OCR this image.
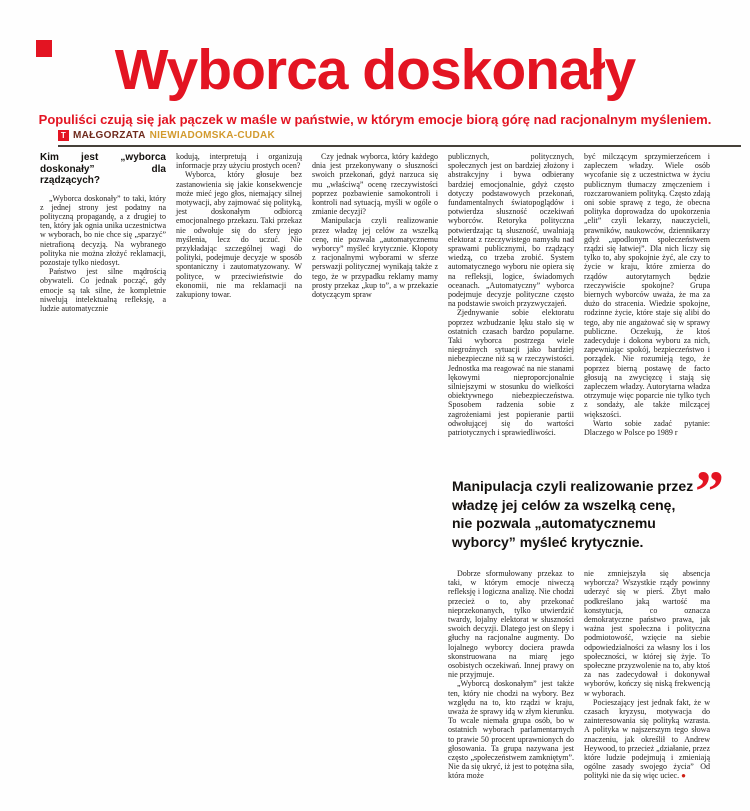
Wyborca doskonały

Populiści czują się jak pączek w maśle w państwie, w którym emocje biorą górę nad racjonalnym myśleniem.

T MAŁGORZATA NIEWIADOMSKA-CUDAK
Kim jest „wyborca doskonały” dla rządzących?

„Wyborca doskonały” to taki, który z jednej strony jest podatny na polityczną propagandę, a z drugiej to ten, który jak ognia unika uczestnictwa w wyborach, bo nie chce się „sparzyć” nietrafioną decyzją. Na wybranego polityka nie można złożyć reklamacji, pozostaje tylko niedosyt.

Państwo jest silne mądrością obywateli. Co jednak począć, gdy emocje są tak silne, że kompletnie niwelują intelektualną refleksję, a ludzie automatycznie

kodują, interpretują i organizują informacje przy użyciu prostych ocen?

Wyborca, który głosuje bez zastanowienia się jakie konsekwencje może mieć jego głos, niemający silnej motywacji, aby zajmować się polityką, jest doskonałym odbiorcą emocjonalnego przekazu. Taki przekaz nie odwołuje się do sfery jego myślenia, lecz do uczuć. Nie przykładając szczególnej wagi do polityki, podejmuje decyzje w sposób spontaniczny i zautomatyzowany. W polityce, w przeciwieństwie do ekonomii, nie ma reklamacji na zakupiony towar.

Czy jednak wyborca, który każdego dnia jest przekonywany o słuszności swoich przekonań, gdyż narzuca się mu „właściwą” ocenę rzeczywistości poprzez pozbawienie samokontroli i kontroli nad sytuacją, myśli w ogóle o zmianie decyzji?

Manipulacja czyli realizowanie przez władzę jej celów za wszelką cenę, nie pozwala „automatycznemu wyborcy” myśleć krytycznie. Kłopoty z racjonalnymi wyborami w sferze perswazji politycznej wynikają także z tego, że w przypadku reklamy mamy prosty przekaz „kup to”, a w przekazie dotyczącym spraw

publicznych, politycznych, społecznych jest on bardziej złożony i abstrakcyjny i bywa odbierany bardziej emocjonalnie, gdyż często dotyczy podstawowych przekonań, fundamentalnych światopoglądów i potwierdza słuszność oczekiwań wyborców. Retoryka polityczna potwierdzając tą słuszność, uwalniają elektorat z rzeczywistego namysłu nad sprawami publicznymi, bo rządzący wiedzą, co trzeba zrobić. System automatycznego wyboru nie opiera się na refleksji, logice, świadomych oceanach. „Automatyczny” wyborca podejmuje decyzje polityczne często na podstawie swoich przyzwyczajeń.

Zjednywanie sobie elektoratu poprzez wzbudzanie lęku stało się w ostatnich czasach bardzo popularne. Taki wyborca postrzega wiele niegroźnych sytuacji jako bardziej niebezpieczne niż są w rzeczywistości. Jednostka ma reagować na nie stanami lękowymi nieproporcjonalnie silniejszymi w stosunku do wielkości obiektywnego niebezpieczeństwa. Sposobem radzenia sobie z zagrożeniami jest popieranie partii odwołującej się do wartości patriotycznych i sprawiedliwości.

być milczącym sprzymierzeńcem i zapleczem władzy. Wiele osób wycofanie się z uczestnictwa w życiu publicznym tłumaczy zmęczeniem i rozczarowaniem polityką. Często zdają oni sobie sprawę z tego, że obecna polityka doprowadza do upokorzenia „elit” czyli lekarzy, nauczycieli, prawników, naukowców, dziennikarzy gdyż „upodlonym społeczeństwem rządzi się łatwiej”. Dla nich liczy się tylko to, aby spokojnie żyć, ale czy to życie w kraju, które zmierza do rządów autorytarnych będzie rzeczywiście spokojne? Grupa biernych wyborców uważa, że ma za dużo do stracenia. Wiedzie spokojne, rodzinne życie, które staje się alibi do tego, aby nie angażować się w sprawy publiczne. Oczekują, że ktoś zadecyduje i dokona wyboru za nich, zapewniając spokój, bezpieczeństwo i porządek. Nie rozumieją tego, że poprzez bierną postawę de facto głosują na zwycięzcę i stają się zapleczem władzy. Autorytarna władza otrzymuje więc poparcie nie tylko tych z sondaży, ale także milczącej większości.

Warto sobie zadać pytanie: Dlaczego w Polsce po 1989 r

Manipulacja czyli realizowanie przez władzę jej celów za wszelką cenę, nie pozwala „automatycznemu wyborcy” myśleć krytycznie.
”

Dobrze sformułowany przekaz to taki, w którym emocje niweczą refleksję i logiczna analizę. Nie chodzi przecież o to, aby przekonać nieprzekonanych, tylko utwierdzić twardy, lojalny elektorat w słuszności swoich decyzji. Dlatego jest on ślepy i głuchy na racjonalne augmenty. Do lojalnego wyborcy dociera prawda skonstruowana na miarę jego osobistych oczekiwań. Innej prawy on nie przyjmuje.

„Wyborcą doskonałym” jest także ten, który nie chodzi na wybory. Bez względu na to, kto rządzi w kraju, uważa że sprawy idą w złym kierunku. To wcale niemała grupa osób, bo w ostatnich wyborach parlamentarnych to prawie 50 procent uprawnionych do głosowania. Ta grupa nazywana jest często „społeczeństwem zamkniętym”. Nie da się ukryć, iż jest to potężna siła, która może

nie zmniejszyła się absencja wyborcza? Wszystkie rządy powinny uderzyć się w pierś. Zbyt mało podkreślano jaką wartość ma konstytucja, co oznacza demokratyczne państwo prawa, jak ważna jest społeczna i polityczna podmiotowość, wzięcie na siebie odpowiedzialności za własny los i los społeczności, w której się żyje. To społeczne przyzwolenie na to, aby ktoś za nas zadecydował i dokonywał wyborów, kończy się niską frekwencją w wyborach.

Pocieszający jest jednak fakt, że w czasach kryzysu, motywacja do zainteresowania się polityką wzrasta. A polityka w najszerszym tego słowa znaczeniu, jak określił to Andrew Heywood, to przecież „działanie, przez które ludzie podejmują i zmieniają ogólne zasady swojego życia” Od polityki nie da się więc uciec. ●
